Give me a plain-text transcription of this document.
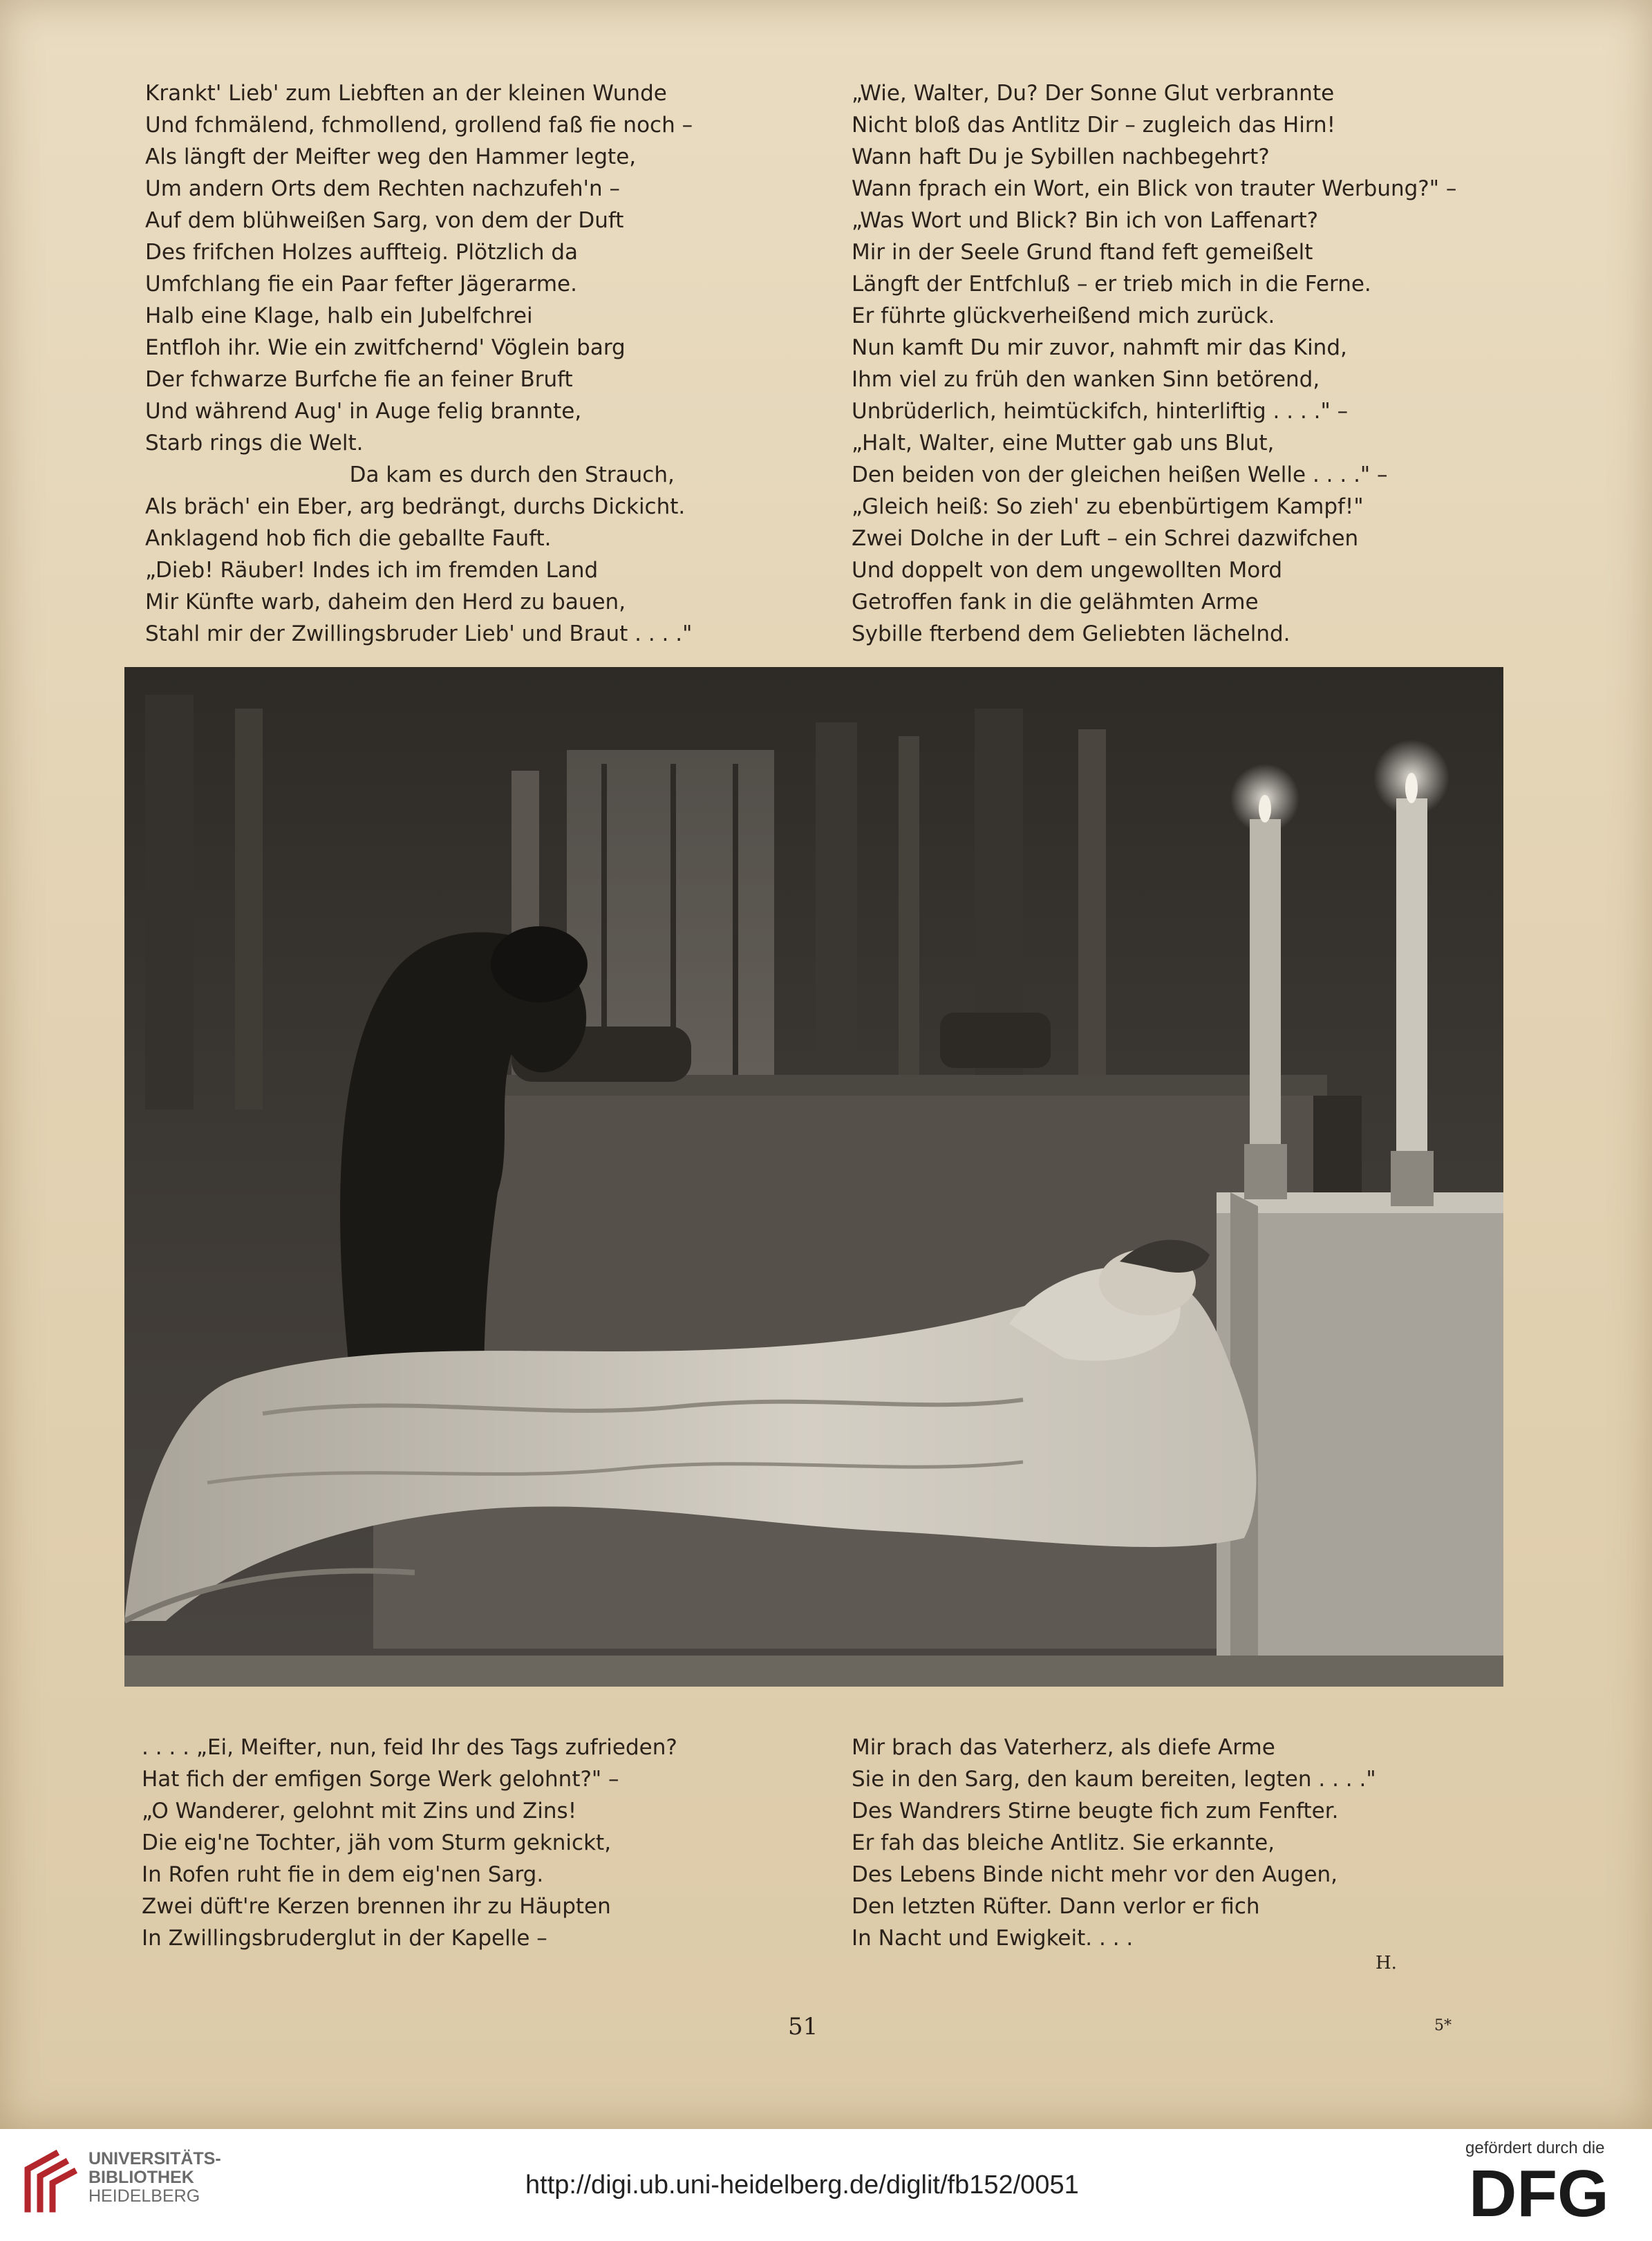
Krankt' Lieb' zum Liebften an der kleinen Wunde
Und fchmälend, fchmollend, grollend faß fie noch –
Als längft der Meifter weg den Hammer legte,
Um andern Orts dem Rechten nachzufeh'n –
Auf dem blühweißen Sarg, von dem der Duft
Des frifchen Holzes auffteig. Plötzlich da
Umfchlang fie ein Paar fefter Jägerarme.
Halb eine Klage, halb ein Jubelfchrei
Entfloh ihr. Wie ein zwitfchernd' Vöglein barg
Der fchwarze Burfche fie an feiner Bruft
Und während Aug' in Auge felig brannte,
Starb rings die Welt.
Da kam es durch den Strauch,
Als bräch' ein Eber, arg bedrängt, durchs Dickicht.
Anklagend hob fich die geballte Fauft.
„Dieb! Räuber! Indes ich im fremden Land
Mir Künfte warb, daheim den Herd zu bauen,
Stahl mir der Zwillingsbruder Lieb' und Braut . . . ."
„Wie, Walter, Du? Der Sonne Glut verbrannte
Nicht bloß das Antlitz Dir – zugleich das Hirn!
Wann haft Du je Sybillen nachbegehrt?
Wann fprach ein Wort, ein Blick von trauter Werbung?" –
„Was Wort und Blick? Bin ich von Laffenart?
Mir in der Seele Grund ftand feft gemeißelt
Längft der Entfchluß – er trieb mich in die Ferne.
Er führte glückverheißend mich zurück.
Nun kamft Du mir zuvor, nahmft mir das Kind,
Ihm viel zu früh den wanken Sinn betörend,
Unbrüderlich, heimtückifch, hinterliftig . . . ." –
„Halt, Walter, eine Mutter gab uns Blut,
Den beiden von der gleichen heißen Welle . . . ." –
„Gleich heiß: So zieh' zu ebenbürtigem Kampf!"
Zwei Dolche in der Luft – ein Schrei dazwifchen
Und doppelt von dem ungewollten Mord
Getroffen fank in die gelähmten Arme
Sybille fterbend dem Geliebten lächelnd.
. . . . „Ei, Meifter, nun, feid Ihr des Tags zufrieden?
Hat fich der emfigen Sorge Werk gelohnt?" –
„O Wanderer, gelohnt mit Zins und Zins!
Die eig'ne Tochter, jäh vom Sturm geknickt,
In Rofen ruht fie in dem eig'nen Sarg.
Zwei düft're Kerzen brennen ihr zu Häupten
In Zwillingsbruderglut in der Kapelle –
Mir brach das Vaterherz, als diefe Arme
Sie in den Sarg, den kaum bereiten, legten . . . ."
Des Wandrers Stirne beugte fich zum Fenfter.
Er fah das bleiche Antlitz. Sie erkannte,
Des Lebens Binde nicht mehr vor den Augen,
Den letzten Rüfter. Dann verlor er fich
In Nacht und Ewigkeit. . . .
H.
51	5*
UNIVERSITÄTS-
BIBLIOTHEK
HEIDELBERG	http://digi.ub.uni-heidelberg.de/diglit/fb152/0051
gefördert durch die
DFG
